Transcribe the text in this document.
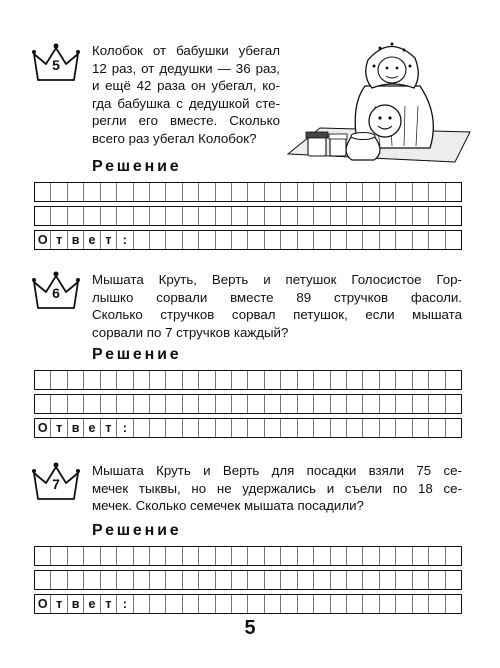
5
Колобок от бабушки убегал
12 раз, от дедушки — 36 раз,
и ещё 42 раза он убегал, ко-
гда бабушка с дедушкой сте-
регли его вместе. Сколько
всего раз убегал Колобок?
Решение
О т в е т :
6
Мышата Круть, Верть и петушок Голосистое Гор-
лышко сорвали вместе 89 стручков фасоли.
Сколько стручков сорвал петушок, если мышата
сорвали по 7 стручков каждый?
Решение
О т в е т :
7
Мышата Круть и Верть для посадки взяли 75 се-
мечек тыквы, но не удержались и съели по 18 се-
мечек. Сколько семечек мышата посадили?
Решение
О т в е т :
5
